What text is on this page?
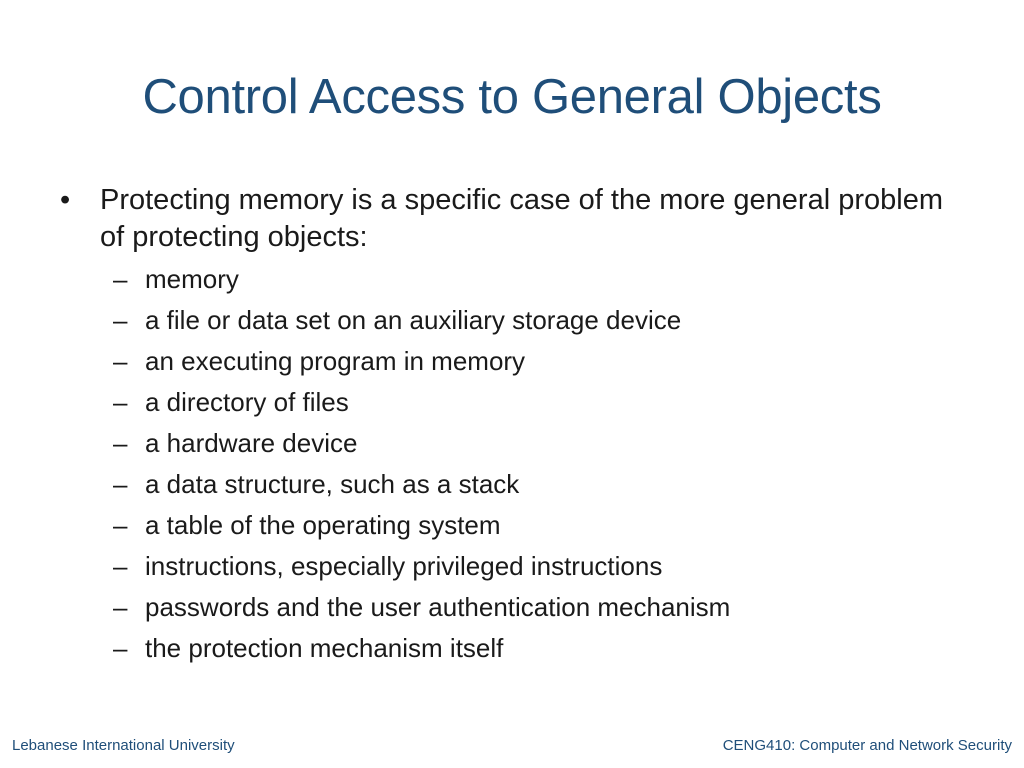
Control Access to General Objects
• Protecting memory is a specific case of the more general problem of protecting objects:
– memory
– a file or data set on an auxiliary storage device
– an executing program in memory
– a directory of files
– a hardware device
– a data structure, such as a stack
– a table of the operating system
– instructions, especially privileged instructions
– passwords and the user authentication mechanism
– the protection mechanism itself
Lebanese International University	CENG410: Computer and Network Security
